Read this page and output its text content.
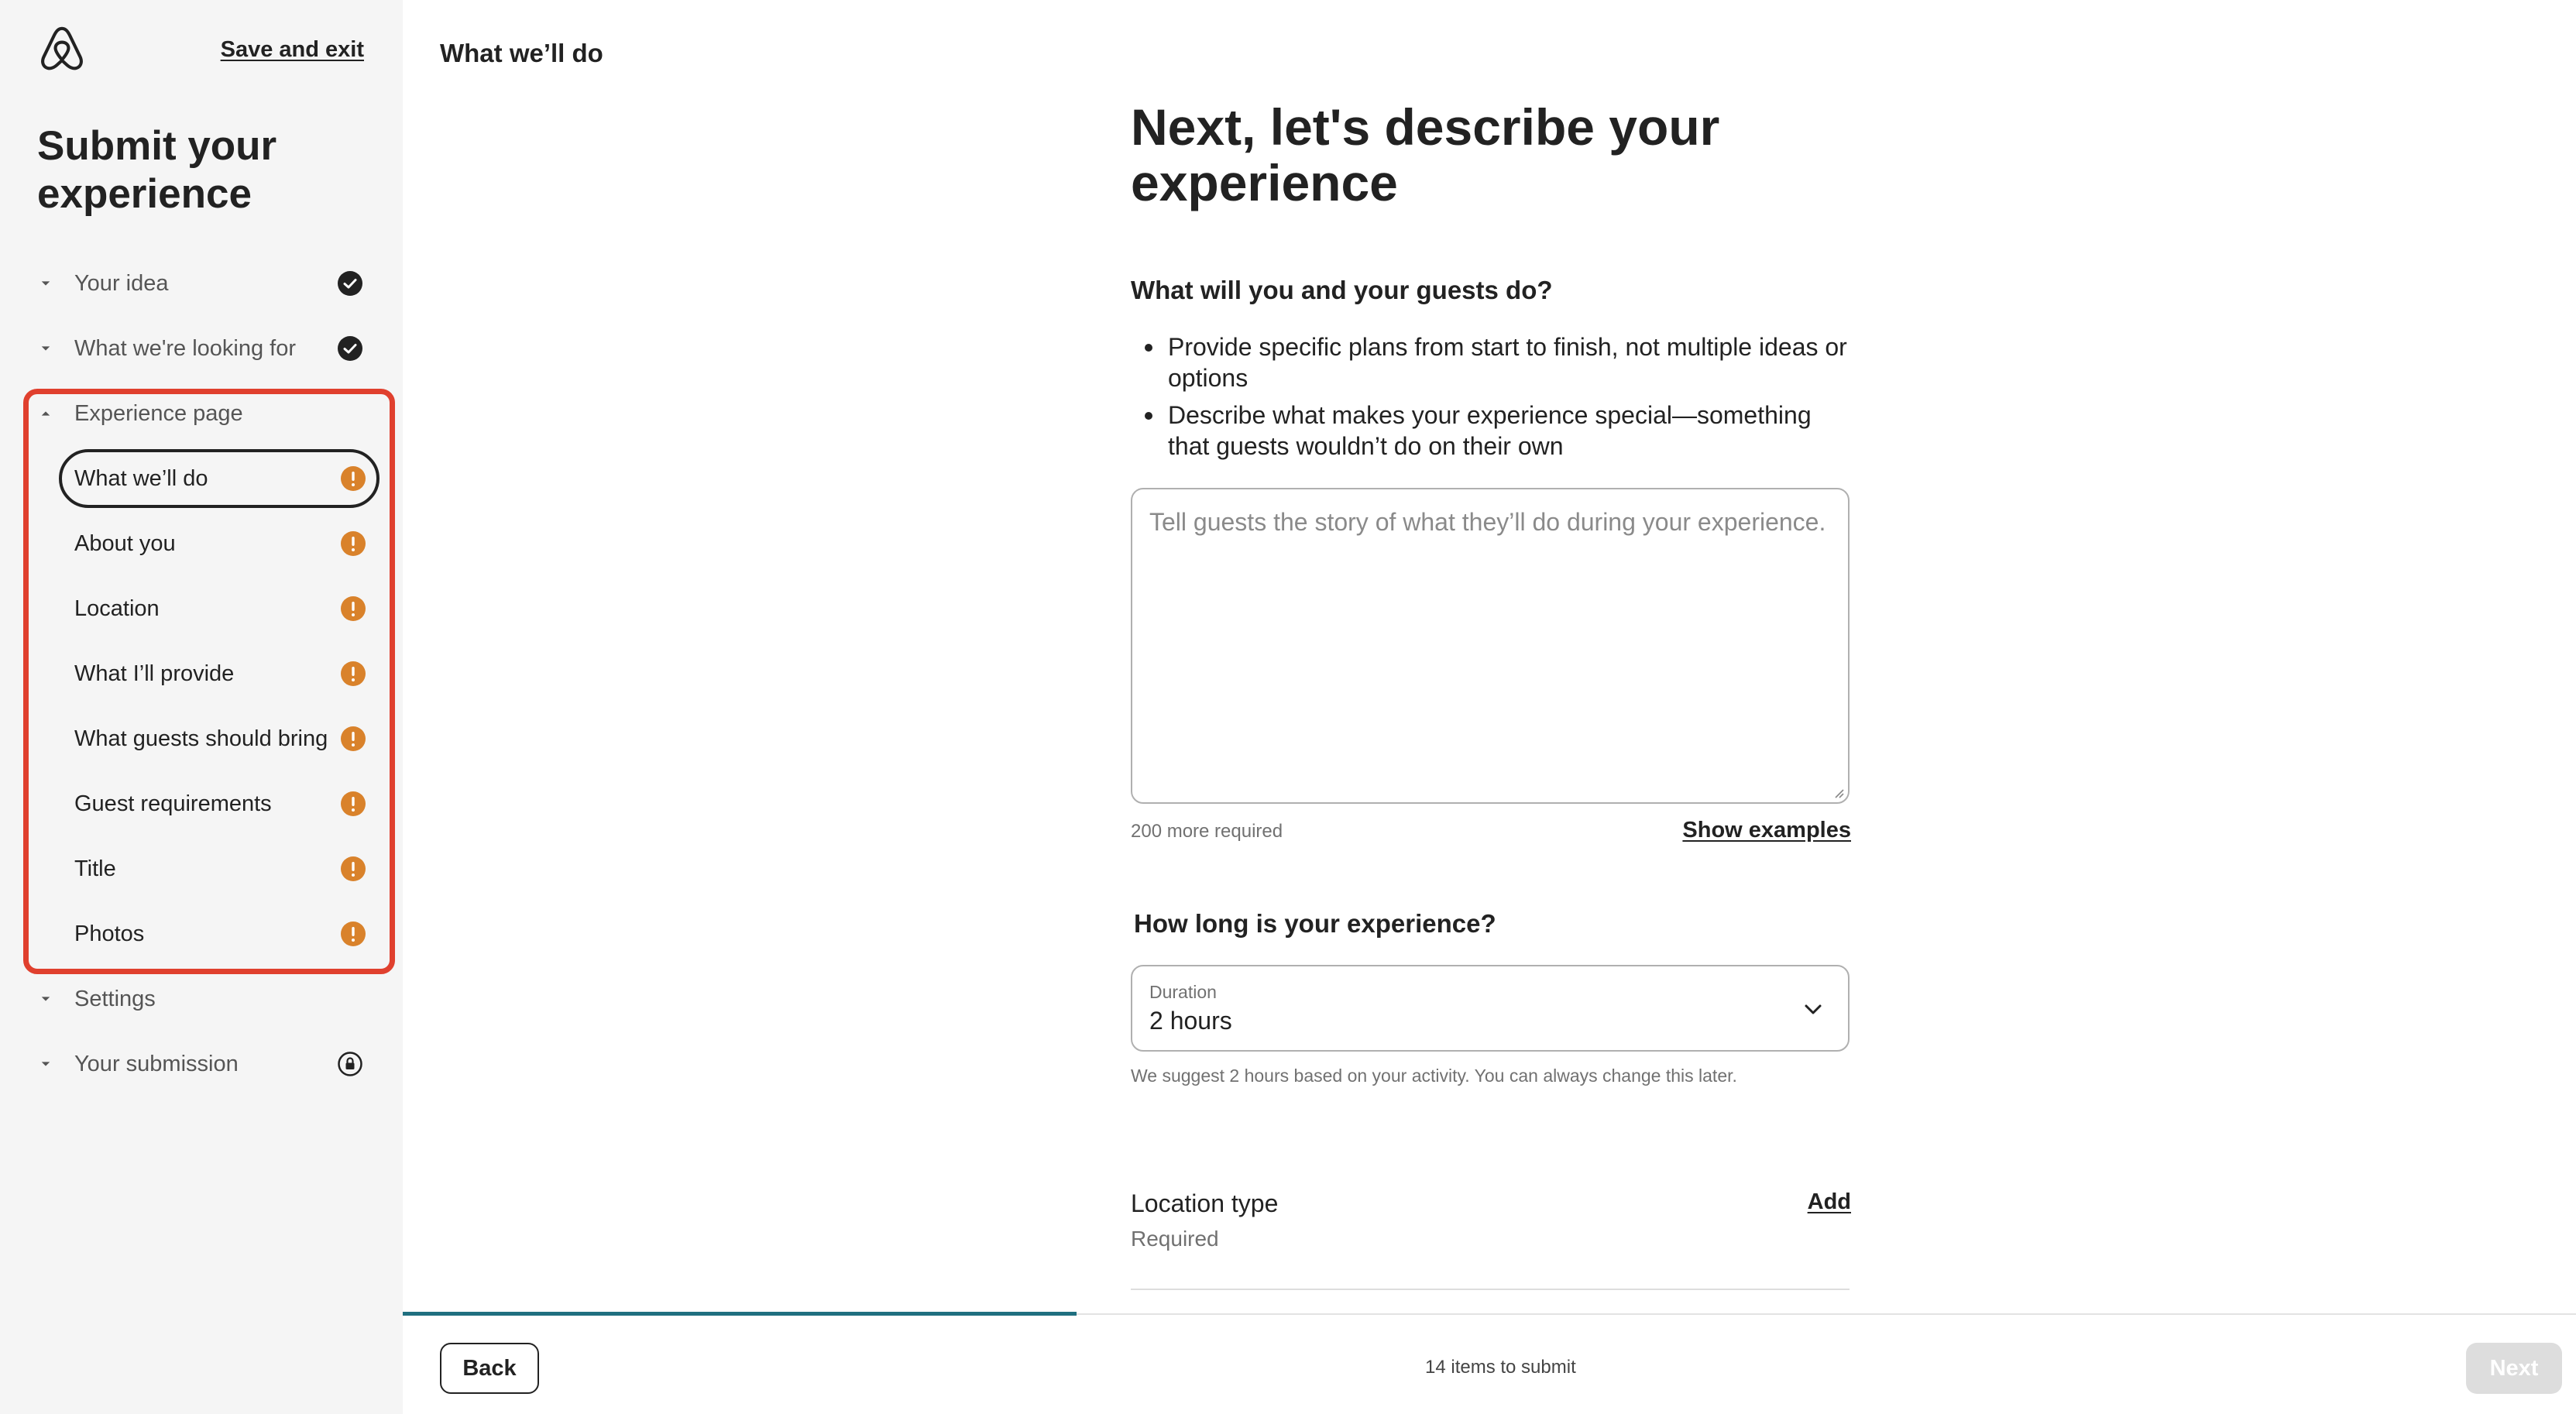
Save and exit
Submit your experience
Your idea
What we're looking for
Experience page
What we’ll do
About you
Location
What I’ll provide
What guests should bring
Guest requirements
Title
Photos
Settings
Your submission
What we’ll do
Next, let's describe your experience
What will you and your guests do?
Provide specific plans from start to finish, not multiple ideas or options
Describe what makes your experience special—something that guests wouldn’t do on their own
Tell guests the story of what they’ll do during your experience.
200 more required	Show examples
How long is your experience?
Duration
2 hours
We suggest 2 hours based on your activity. You can always change this later.
Location type	Add
Required
Back	14 items to submit	Next
